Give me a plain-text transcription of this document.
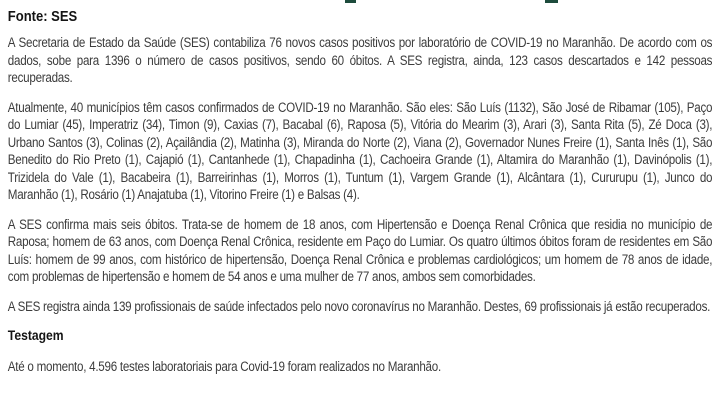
Fonte: SES

A Secretaria de Estado da Saúde (SES) contabiliza 76 novos casos positivos por laboratório de COVID-19 no Maranhão. De acordo com os dados, sobe para 1396 o número de casos positivos, sendo 60 óbitos. A SES registra, ainda, 123 casos descartados e 142 pessoas recuperadas.

Atualmente, 40 municípios têm casos confirmados de COVID-19 no Maranhão. São eles: São Luís (1132), São José de Ribamar (105), Paço do Lumiar (45), Imperatriz (34), Timon (9), Caxias (7), Bacabal (6), Raposa (5), Vitória do Mearim (3), Arari (3), Santa Rita (5), Zé Doca (3), Urbano Santos (3), Colinas (2), Açailândia (2), Matinha (3), Miranda do Norte (2), Viana (2), Governador Nunes Freire (1), Santa Inês (1), São Benedito do Rio Preto (1), Cajapió (1), Cantanhede (1), Chapadinha (1), Cachoeira Grande (1), Altamira do Maranhão (1), Davinópolis (1), Trizidela do Vale (1), Bacabeira (1), Barreirinhas (1), Morros (1), Tuntum (1), Vargem Grande (1), Alcântara (1), Cururupu (1), Junco do Maranhão (1), Rosário (1) Anajatuba (1), Vitorino Freire (1) e Balsas (4).

A SES confirma mais seis óbitos. Trata-se de homem de 18 anos, com Hipertensão e Doença Renal Crônica que residia no município de Raposa; homem de 63 anos, com Doença Renal Crônica, residente em Paço do Lumiar. Os quatro últimos óbitos foram de residentes em São Luís: homem de 99 anos, com histórico de hipertensão, Doença Renal Crônica e problemas cardiológicos; um homem de 78 anos de idade, com problemas de hipertensão e homem de 54 anos e uma mulher de 77 anos, ambos sem comorbidades.

A SES registra ainda 139 profissionais de saúde infectados pelo novo coronavírus no Maranhão. Destes, 69 profissionais já estão recuperados.

Testagem

Até o momento, 4.596 testes laboratoriais para Covid-19 foram realizados no Maranhão.
